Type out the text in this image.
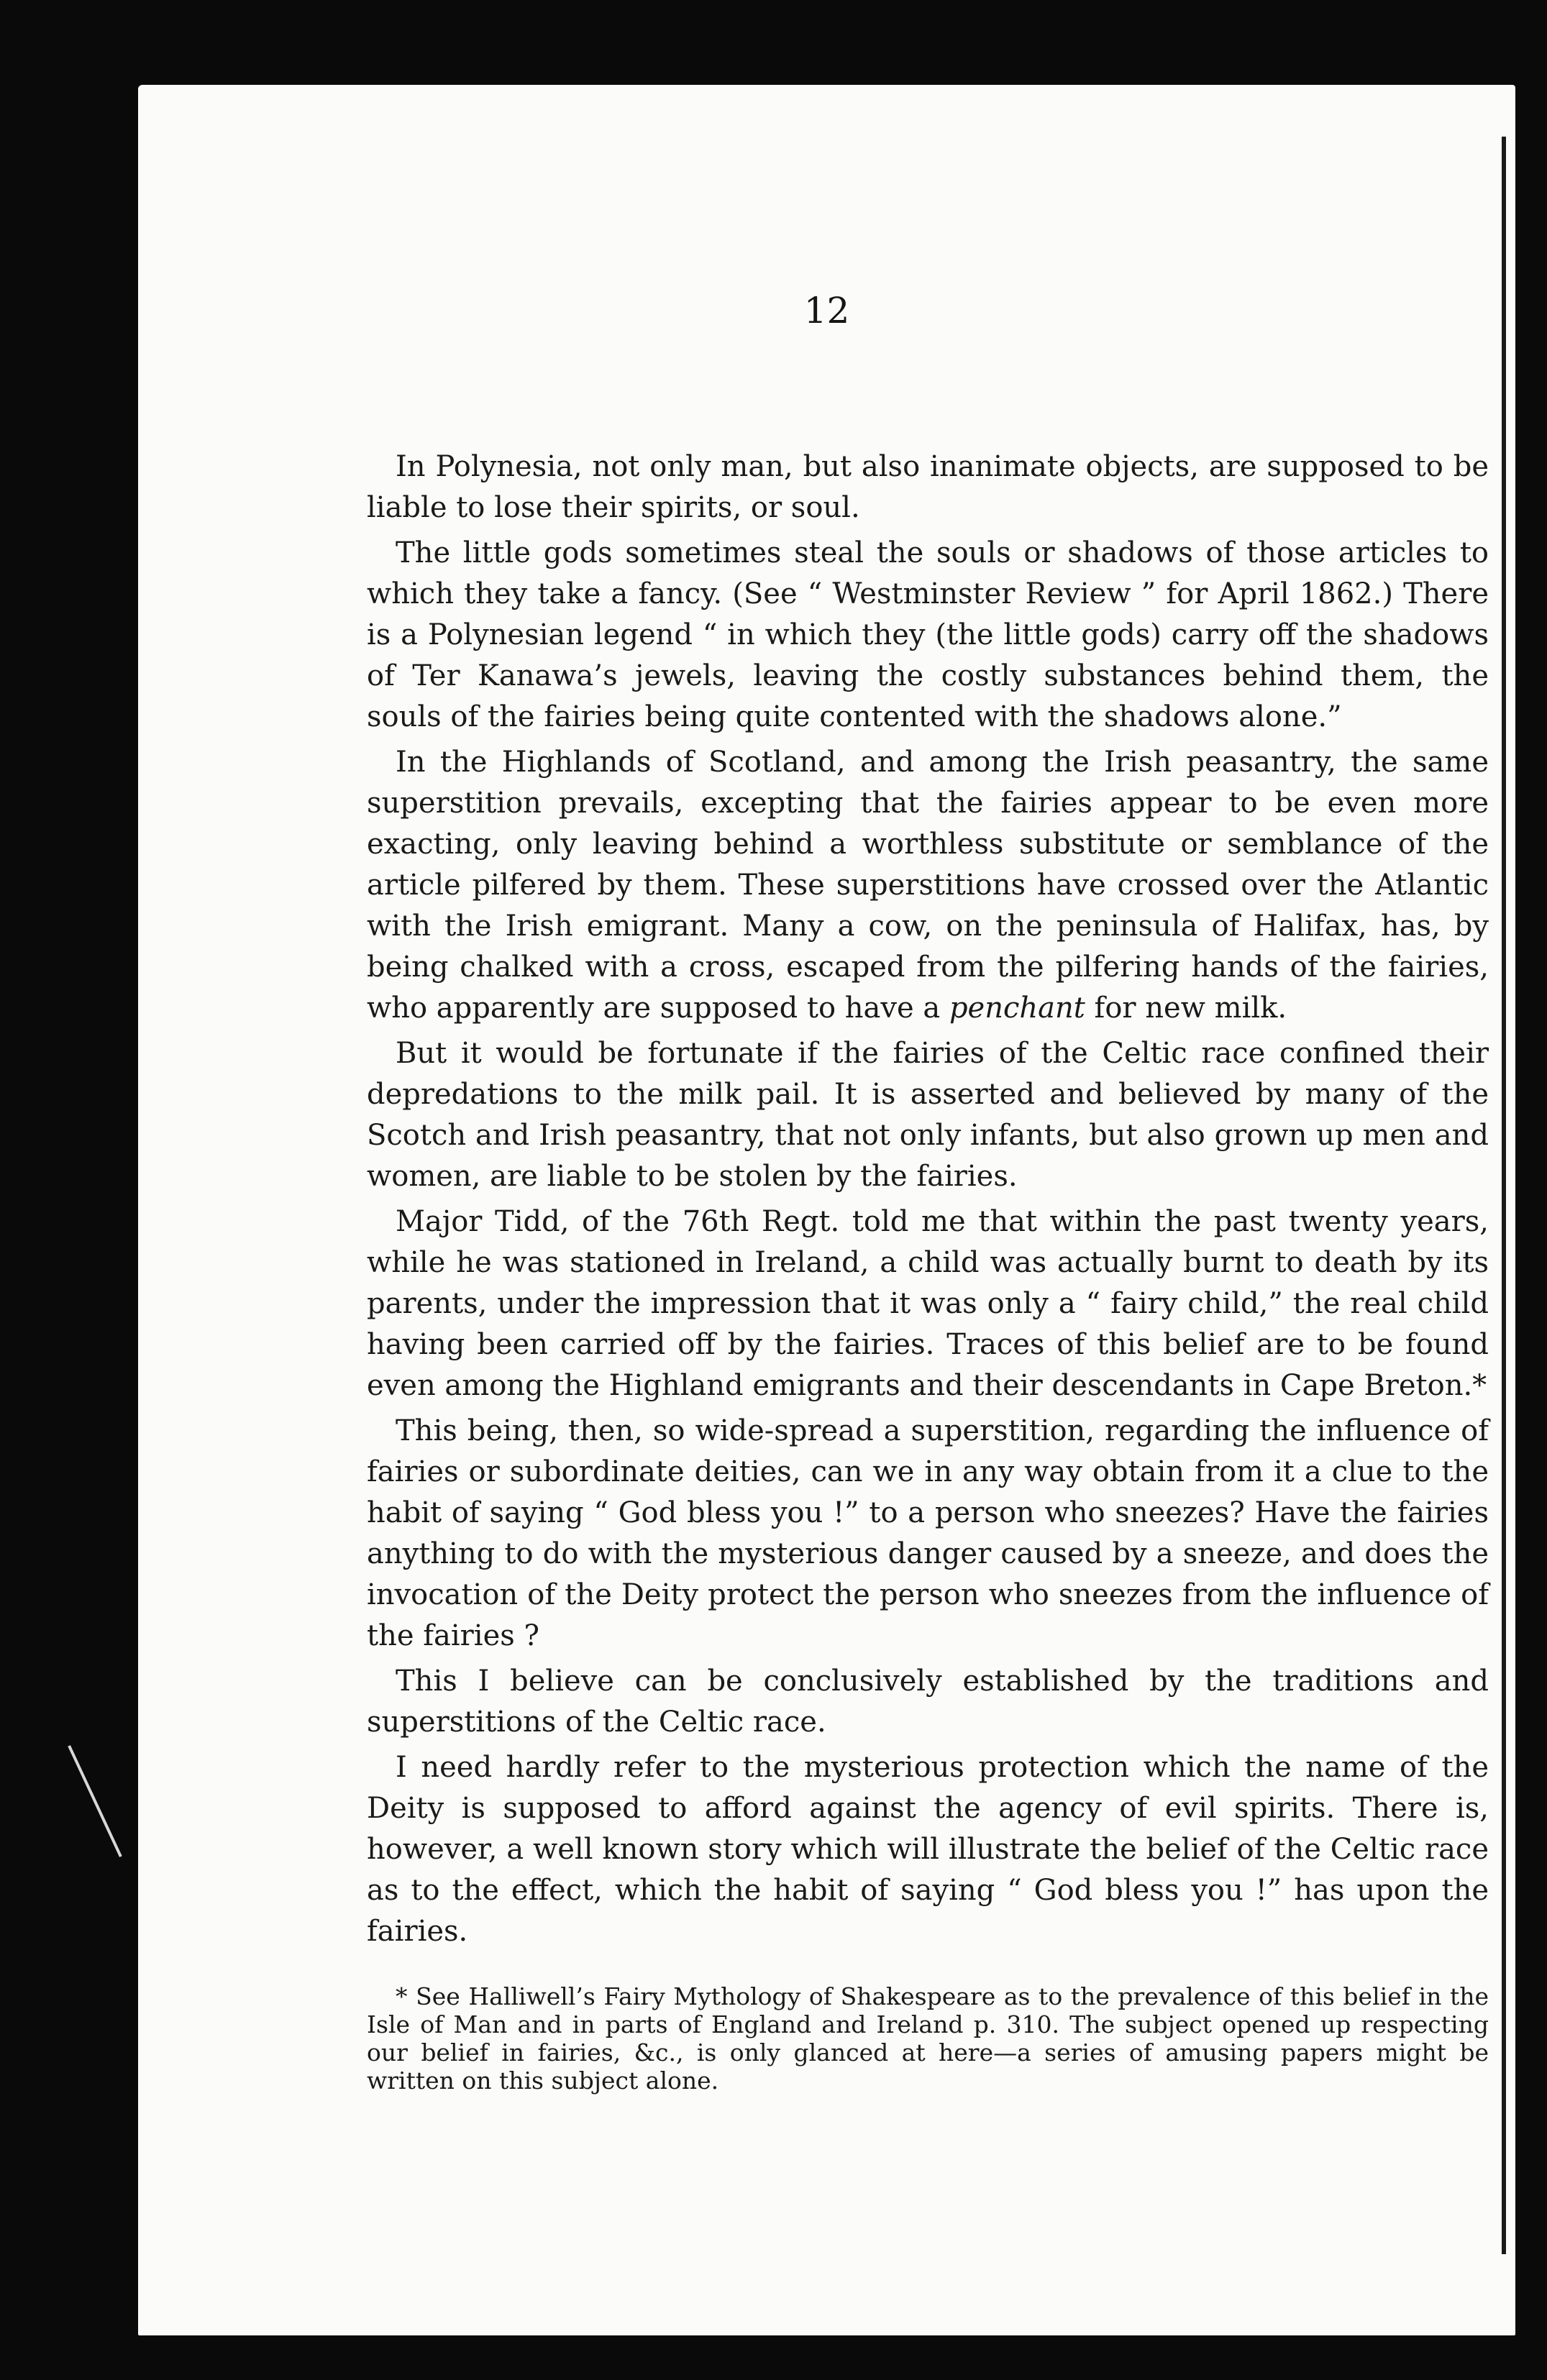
12

In Polynesia, not only man, but also inanimate objects, are supposed to be liable to lose their spirits, or soul.

The little gods sometimes steal the souls or shadows of those articles to which they take a fancy. (See “ Westminster Review ” for April 1862.) There is a Polynesian legend “ in which they (the little gods) carry off the shadows of Ter Kanawa’s jewels, leaving the costly substances behind them, the souls of the fairies being quite contented with the shadows alone.”

In the Highlands of Scotland, and among the Irish peasantry, the same superstition prevails, excepting that the fairies appear to be even more exacting, only leaving behind a worthless substitute or semblance of the article pilfered by them. These superstitions have crossed over the Atlantic with the Irish emigrant. Many a cow, on the peninsula of Halifax, has, by being chalked with a cross, escaped from the pilfering hands of the fairies, who apparently are supposed to have a penchant for new milk.

But it would be fortunate if the fairies of the Celtic race confined their depredations to the milk pail. It is asserted and believed by many of the Scotch and Irish peasantry, that not only infants, but also grown up men and women, are liable to be stolen by the fairies.

Major Tidd, of the 76th Regt. told me that within the past twenty years, while he was stationed in Ireland, a child was actually burnt to death by its parents, under the impression that it was only a “ fairy child,” the real child having been carried off by the fairies. Traces of this belief are to be found even among the Highland emigrants and their descendants in Cape Breton.*

This being, then, so wide-spread a superstition, regarding the influence of fairies or subordinate deities, can we in any way obtain from it a clue to the habit of saying “ God bless you !” to a person who sneezes? Have the fairies anything to do with the mysterious danger caused by a sneeze, and does the invocation of the Deity protect the person who sneezes from the influence of the fairies ?

This I believe can be conclusively established by the traditions and superstitions of the Celtic race.

I need hardly refer to the mysterious protection which the name of the Deity is supposed to afford against the agency of evil spirits. There is, however, a well known story which will illustrate the belief of the Celtic race as to the effect, which the habit of saying “ God bless you !” has upon the fairies.

* See Halliwell’s Fairy Mythology of Shakespeare as to the prevalence of this belief in the Isle of Man and in parts of England and Ireland p. 310. The subject opened up respecting our belief in fairies, &c., is only glanced at here—a series of amusing papers might be written on this subject alone.
